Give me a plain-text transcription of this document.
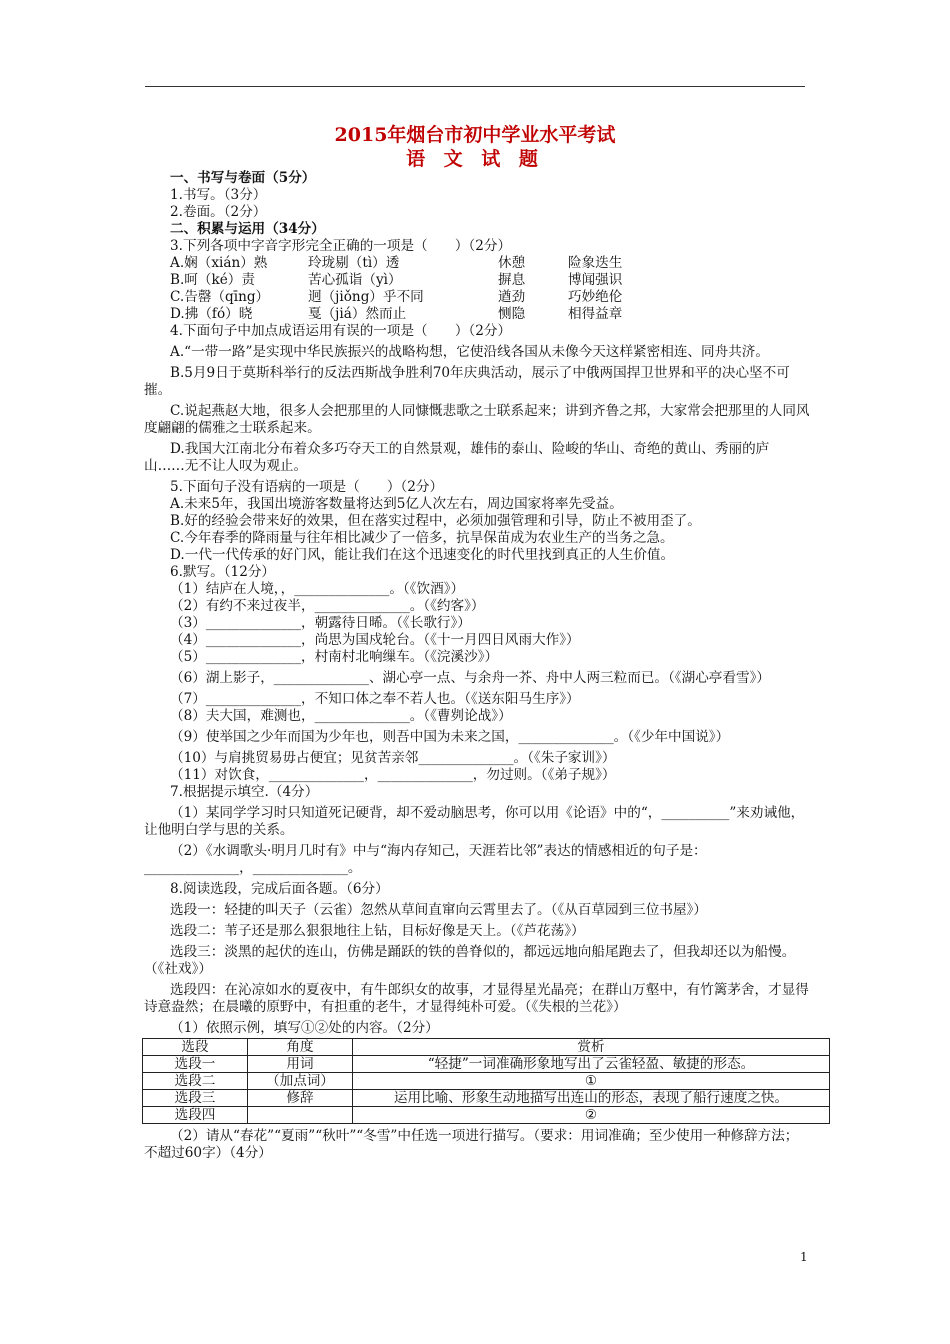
2015年烟台市初中学业水平考试
语 文 试 题
一、书写与卷面（5分）
1.书写。（3分）
2.卷面。（2分）
二、积累与运用（34分）
3.下列各项中字音字形完全正确的一项是（　　）（2分）
A.娴（xián）熟	玲珑剔（tì）透	休憩	险象迭生
B.呵（ké）责	苦心孤诣（yì）	摒息	博闻强识
C.告罄（qīng）	迥（jiǒng）乎不同	遒劲	巧妙绝伦
D.拂（fó）晓	戛（jiá）然而止	恻隐	相得益章
4.下面句子中加点成语运用有误的一项是（　　）（2分）
A.“一带一路”是实现中华民族振兴的战略构想，它使沿线各国从未像今天这样紧密相连、同舟共济。
B.5月9日于莫斯科举行的反法西斯战争胜利70年庆典活动，展示了中俄两国捍卫世界和平的决心坚不可摧。
C.说起燕赵大地，很多人会把那里的人同慷慨悲歌之士联系起来；讲到齐鲁之邦，大家常会把那里的人同风度翩翩的儒雅之士联系起来。
D.我国大江南北分布着众多巧夺天工的自然景观，雄伟的泰山、险峻的华山、奇绝的黄山、秀丽的庐山……无不让人叹为观止。
5.下面句子没有语病的一项是（　　）（2分）
A.未来5年，我国出境游客数量将达到5亿人次左右，周边国家将率先受益。
B.好的经验会带来好的效果，但在落实过程中，必须加强管理和引导，防止不被用歪了。
C.今年春季的降雨量与往年相比减少了一倍多，抗旱保苗成为农业生产的当务之急。
D.一代一代传承的好门风，能让我们在这个迅速变化的时代里找到真正的人生价值。
6.默写。（12分）
（1）结庐在人境，，______________。（《饮酒》）
（2）有约不来过夜半，______________。（《约客》）
（3）______________，朝露待日晞。（《长歌行》）
（4）______________，尚思为国戍轮台。（《十一月四日风雨大作》）
（5）______________，村南村北响缫车。（《浣溪沙》）
（6）湖上影子，______________、湖心亭一点、与余舟一芥、舟中人两三粒而已。（《湖心亭看雪》）
（7）______________，不知口体之奉不若人也。（《送东阳马生序》）
（8）夫大国，难测也，______________。（《曹刿论战》）
（9）使举国之少年而国为少年也，则吾中国为未来之国，______________。（《少年中国说》）
（10）与肩挑贸易毋占便宜；见贫苦亲邻______________。（《朱子家训》）
（11）对饮食，______________，______________，勿过则。（《弟子规》）
7.根据提示填空.（4分）
（1）某同学学习时只知道死记硬背，却不爱动脑思考，你可以用《论语》中的“，__________”来劝诫他，让他明白学与思的关系。
（2）《水调歌头·明月几时有》中与“海内存知己，天涯若比邻”表达的情感相近的句子是：______________，______________。
8.阅读选段，完成后面各题。（6分）
选段一：轻捷的叫天子（云雀）忽然从草间直窜向云霄里去了。（《从百草园到三位书屋》）
选段二：苇子还是那么狠狠地往上钻，目标好像是天上。（《芦花荡》）
选段三：淡黑的起伏的连山，仿佛是踊跃的铁的兽脊似的，都远远地向船尾跑去了，但我却还以为船慢。（《社戏》）
选段四：在沁凉如水的夏夜中，有牛郎织女的故事，才显得星光晶亮；在群山万壑中，有竹篱茅舍，才显得诗意盎然；在晨曦的原野中，有担重的老牛，才显得纯朴可爱。（《失根的兰花》）
（1）依照示例，填写①②处的内容。（2分）
选段	角度	赏析
选段一	用词	“轻捷”一词准确形象地写出了云雀轻盈、敏捷的形态。
选段二	（加点词）	①
选段三	修辞	运用比喻、形象生动地描写出连山的形态，表现了船行速度之快。
选段四		②
（2）请从“春花”“夏雨”“秋叶”“冬雪”中任选一项进行描写。（要求：用词准确；至少使用一种修辞方法；不超过60字）（4分）
1
